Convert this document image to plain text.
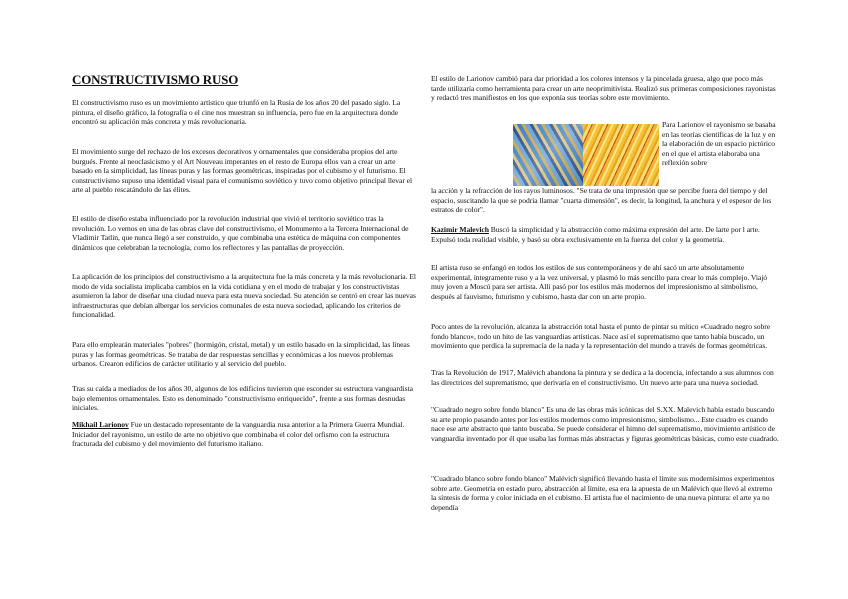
CONSTRUCTIVISMO RUSO

El constructivismo ruso es un movimiento artístico que triunfó en la Rusia de los años 20 del pasado siglo. La pintura, el diseño gráfico, la fotografía o el cine nos muestran su influencia, pero fue en la arquitectura donde encontró su aplicación más concreta y más revolucionaria.

El movimiento surge del rechazo de los excesos decorativos y ornamentales que consideraba propios del arte burgués. Frente al neoclasicismo y el Art Nouveau imperantes en el resto de Europa ellos van a crear un arte basado en la simplicidad, las líneas puras y las formas geométricas, inspiradas por el cubismo y el futurismo. El constructivismo supuso una identidad visual para el comunismo soviético y tuvo como objetivo principal llevar el arte al pueblo rescatándolo de las élites.

El estilo de diseño estaba influenciado por la revolución industrial que vivió el territorio soviético tras la revolución. Lo vemos en una de las obras clave del constructivismo, el Monumento a la Tercera Internacional de Vladimir Tatlin, que nunca llegó a ser construido, y que combinaba una estética de máquina con componentes dinámicos que celebraban la tecnología, como los reflectores y las pantallas de proyección.

La aplicación de los principios del constructivismo a la arquitectura fue la más concreta y la más revolucionaria. El modo de vida socialista implicaba cambios en la vida cotidiana y en el modo de trabajar y los constructivistas asumieron la labor de diseñar una ciudad nueva para esta nueva sociedad. Su atención se centró en crear las nuevas infraestructuras que debían albergar los servicios comunales de esta nueva sociedad, aplicando los criterios de funcionalidad.

Para ello emplearán materiales "pobres" (hormigón, cristal, metal) y un estilo basado en la simplicidad, las líneas puras y las formas geométricas. Se trataba de dar respuestas sencillas y económicas a los nuevos problemas urbanos. Crearon edificios de carácter utilitario y al servicio del pueblo.

Tras su caída a mediados de los años 30, algunos de los edificios tuvieron que esconder su estructura vanguardista bajo elementos ornamentales. Esto es denominado "constructivismo enriquecido", frente a sus formas desnudas iniciales.

Mikhail Larionov Fue un destacado representante de la vanguardia rusa anterior a la Primera Guerra Mundial. Iniciador del rayonismo, un estilo de arte no objetivo que combinaba el color del orfismo con la estructura fracturada del cubismo y del movimiento del futurismo italiano.

El estilo de Larionov cambió para dar prioridad a los colores intensos y la pincelada gruesa, algo que poco más tarde utilizaría como herramienta para crear un arte neoprimitivista. Realizó sus primeras composiciones rayonistas y redactó tres manifiestos en los que exponía sus teorías sobre este movimiento.

Para Larionov el rayonismo se basaba en las teorías científicas de la luz y en la elaboración de un espacio pictórico en el que el artista elaboraba una reflexión sobre

la acción y la refracción de los rayos luminosos. "Se trata de una impresión que se percibe fuera del tiempo y del espacio, suscitando la que se podría llamar "cuarta dimensión", es decir, la longitud, la anchura y el espesor de los estratos de color".

Kazimir Malevich Buscó la simplicidad y la abstracción como máxima expresión del arte. De larte por l arte. Expulsó toda realidad visible, y basó su obra exclusivamente en la fuerza del color y la geometría.

El artista ruso se enfangó en todos los estilos de sus contemporáneos y de ahí sacó un arte absolutamente experimental, íntegramente ruso y a la vez universal, y plasmó lo más sencillo para crear lo más complejo. Viajó muy joven a Moscú para ser artista. Allí pasó por los estilos más modernos del impresionismo al simbolismo, después al fauvismo, futurismo y cubismo, hasta dar con un arte propio.

Poco antes de la revolución, alcanza la abstracción total hasta el punto de pintar su mítico «Cuadrado negro sobre fondo blanco», todo un hito de las vanguardias artísticas. Nace así el suprematismo que tanto había buscado, un movimiento que perdica la supremacía de la nada y la representación del mundo a través de formas geométricas.

Tras la Revolución de 1917, Malévich abandona la pintura y se dedica a la docencia, infectando a sus alumnos con las directrices del suprematismo, que derivaría en el constructivismo. Un nuevo arte para una nueva sociedad.

"Cuadrado negro sobre fondo blanco" Es una de las obras más icónicas del S.XX. Malevich había estado buscando su arte propio pasando antes por los estilos modernos como impresionismo, simbolismo... Este cuadro es cuando nace ese arte abstracto que tanto buscaba. Se puede considerar el himno del suprematismo, movimiento artístico de vanguardia inventado por él que usaba las formas más abstractas y figuras geométricas básicas, como este cuadrado.

"Cuadrado blanco sobre fondo blanco" Malévich significó llevando hasta el límite sus modernísimos experimentos sobre arte. Geometría en estado puro, abstracción al límite, esa era la apuesta de un Malévich que llevó al extremo la síntesis de forma y color iniciada en el cubismo. El artista fue el nacimiento de una nueva pintura: el arte ya no dependía
